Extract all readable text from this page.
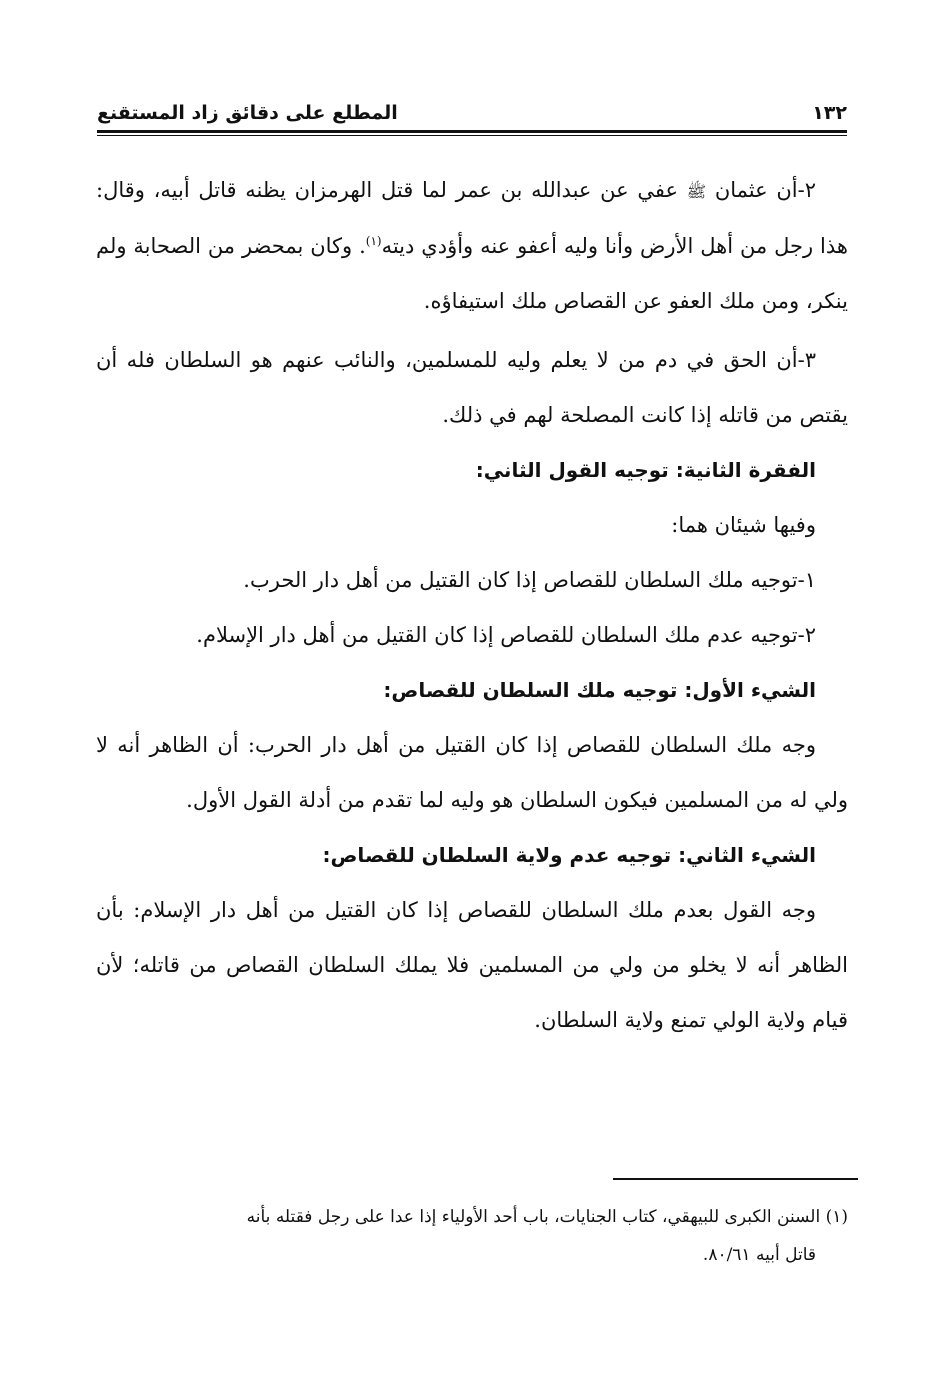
١٣٢
المطلع على دقائق زاد المستقنع

٢-أن عثمان ﷺ عفي عن عبدالله بن عمر لما قتل الهرمزان يظنه قاتل أبيه، وقال: هذا رجل من أهل الأرض وأنا وليه أعفو عنه وأؤدي ديته$^{(١)}$. وكان بمحضر من الصحابة ولم ينكر، ومن ملك العفو عن القصاص ملك استيفاؤه.

٣-أن الحق في دم من لا يعلم وليه للمسلمين، والنائب عنهم هو السلطان فله أن يقتص من قاتله إذا كانت المصلحة لهم في ذلك.

الفقرة الثانية: توجيه القول الثاني:

وفيها شيئان هما:

١-توجيه ملك السلطان للقصاص إذا كان القتيل من أهل دار الحرب.

٢-توجيه عدم ملك السلطان للقصاص إذا كان القتيل من أهل دار الإسلام.

الشيء الأول: توجيه ملك السلطان للقصاص:

وجه ملك السلطان للقصاص إذا كان القتيل من أهل دار الحرب: أن الظاهر أنه لا ولي له من المسلمين فيكون السلطان هو وليه لما تقدم من أدلة القول الأول.

الشيء الثاني: توجيه عدم ولاية السلطان للقصاص:

وجه القول بعدم ملك السلطان للقصاص إذا كان القتيل من أهل دار الإسلام: بأن الظاهر أنه لا يخلو من ولي من المسلمين فلا يملك السلطان القصاص من قاتله؛ لأن قيام ولاية الولي تمنع ولاية السلطان.

(١) السنن الكبرى للبيهقي، كتاب الجنايات، باب أحد الأولياء إذا عدا على رجل فقتله بأنه

قاتل أبيه ٨٠/٦١.
